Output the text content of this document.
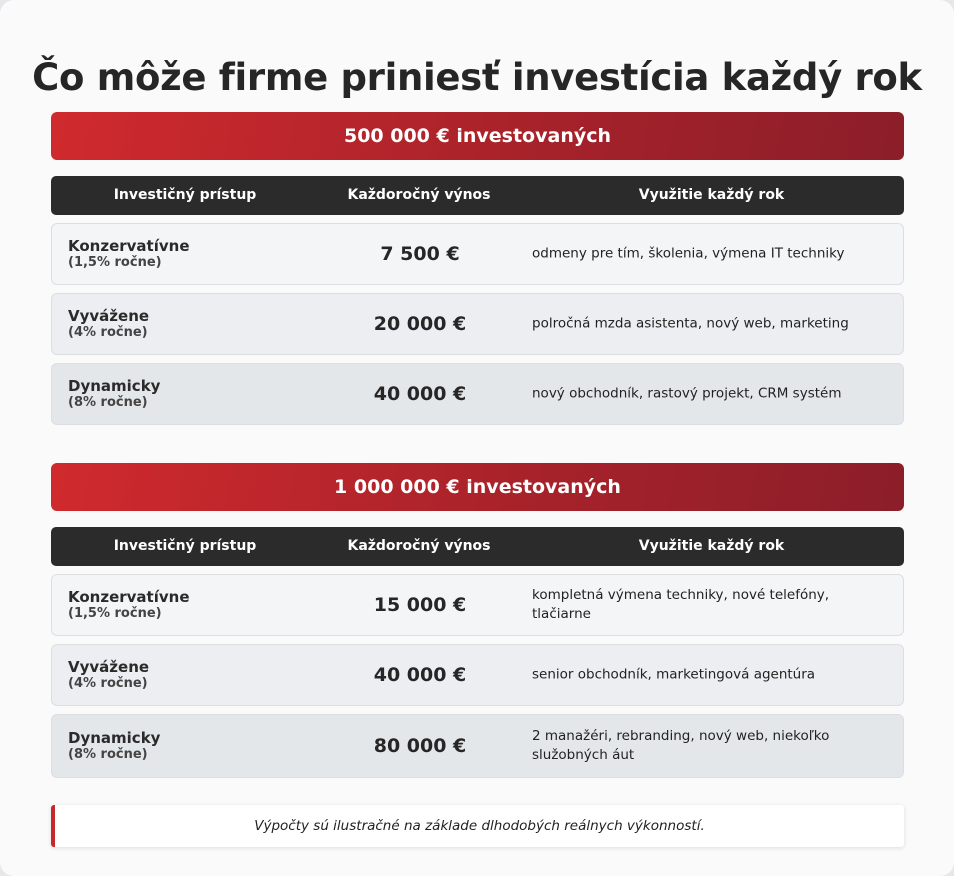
Čo môže firme priniesť investícia každý rok
500 000 € investovaných
Investičný prístup	Každoročný výnos	Využitie každý rok
Konzervatívne
(1,5% ročne)	7 500 €	odmeny pre tím, školenia, výmena IT techniky
Vyvážene
(4% ročne)	20 000 €	polročná mzda asistenta, nový web, marketing
Dynamicky
(8% ročne)	40 000 €	nový obchodník, rastový projekt, CRM systém
1 000 000 € investovaných
Investičný prístup	Každoročný výnos	Využitie každý rok
Konzervatívne
(1,5% ročne)	15 000 €	kompletná výmena techniky, nové telefóny, tlačiarne
Vyvážene
(4% ročne)	40 000 €	senior obchodník, marketingová agentúra
Dynamicky
(8% ročne)	80 000 €	2 manažéri, rebranding, nový web, niekoľko služobných áut
Výpočty sú ilustračné na základe dlhodobých reálnych výkonností.
